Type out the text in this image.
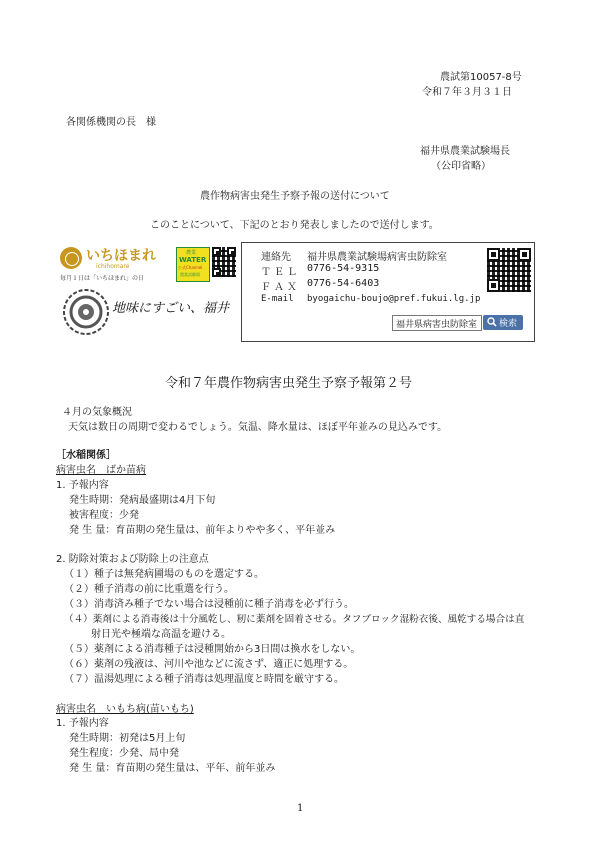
農試第10057-8号
令和７年３月３１日
各関係機関の長　様
福井県農業試験場長
（公印省略）
農作物病害虫発生予察予報の送付について
このことについて、下記のとおり発表しましたので送付します。
いちほまれ
ichihomare
毎月１日は「いちほまれ」の日
農業
WATER
公式Channel
農業試験場
地味にすごい、福井
連絡先 福井県農業試験場病害虫防除室
ＴＥＬ 0776-54-9315
ＦＡＸ 0776-54-6403
E-mail byogaichu-boujo@pref.fukui.lg.jp
福井県病害虫防除室 検索
令和７年農作物病害虫発生予察予報第２号
４月の気象概況
天気は数日の周期で変わるでしょう。気温、降水量は、ほぼ平年並みの見込みです。
［水稲関係］
病害虫名　ばか苗病
1. 予報内容
発生時期：発病最盛期は4月下旬
被害程度：少発
発 生 量：育苗期の発生量は、前年よりやや多く、平年並み
2. 防除対策および防除上の注意点
（１）種子は無発病圃場のものを選定する。
（２）種子消毒の前に比重選を行う。
（３）消毒済み種子でない場合は浸種前に種子消毒を必ず行う。
（４）薬剤による消毒後は十分風乾し、籾に薬剤を固着させる。タフブロック湿粉衣後、風乾する場合は直
射日光や極端な高温を避ける。
（５）薬剤による消毒種子は浸種開始から3日間は換水をしない。
（６）薬剤の残液は、河川や池などに流さず、適正に処理する。
（７）温湯処理による種子消毒は処理温度と時間を厳守する。
病害虫名　いもち病(苗いもち)
1. 予報内容
発生時期：初発は5月上旬
発生程度：少発、局中発
発 生 量：育苗期の発生量は、平年、前年並み
1
